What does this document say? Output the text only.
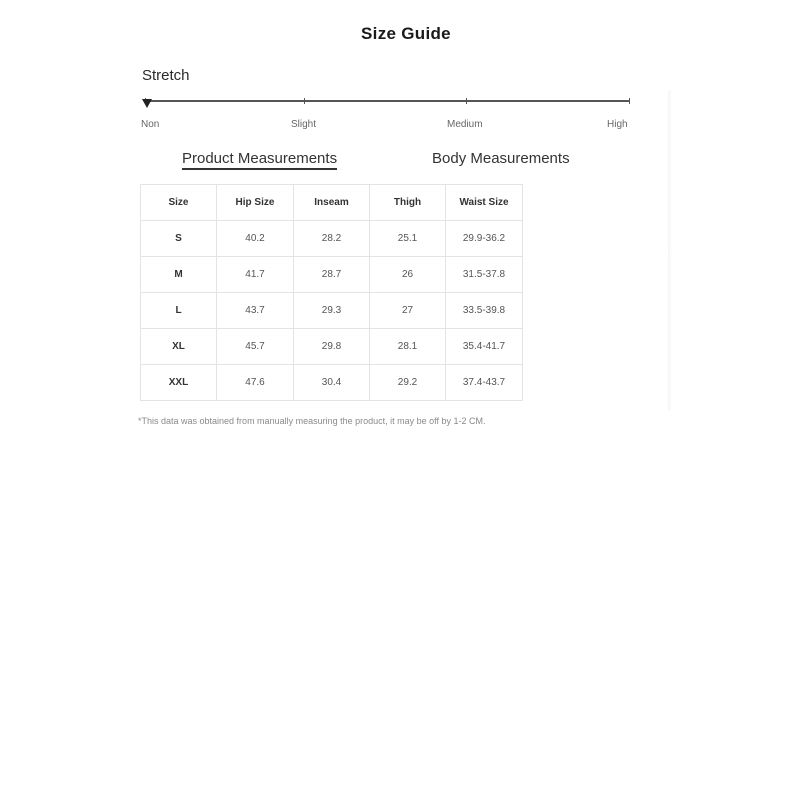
Size Guide
Stretch
Non	Slight	Medium	High
Product Measurements	Body Measurements
Size	Hip Size	Inseam	Thigh	Waist Size
S	40.2	28.2	25.1	29.9-36.2
M	41.7	28.7	26	31.5-37.8
L	43.7	29.3	27	33.5-39.8
XL	45.7	29.8	28.1	35.4-41.7
XXL	47.6	30.4	29.2	37.4-43.7
*This data was obtained from manually measuring the product, it may be off by 1-2 CM.
